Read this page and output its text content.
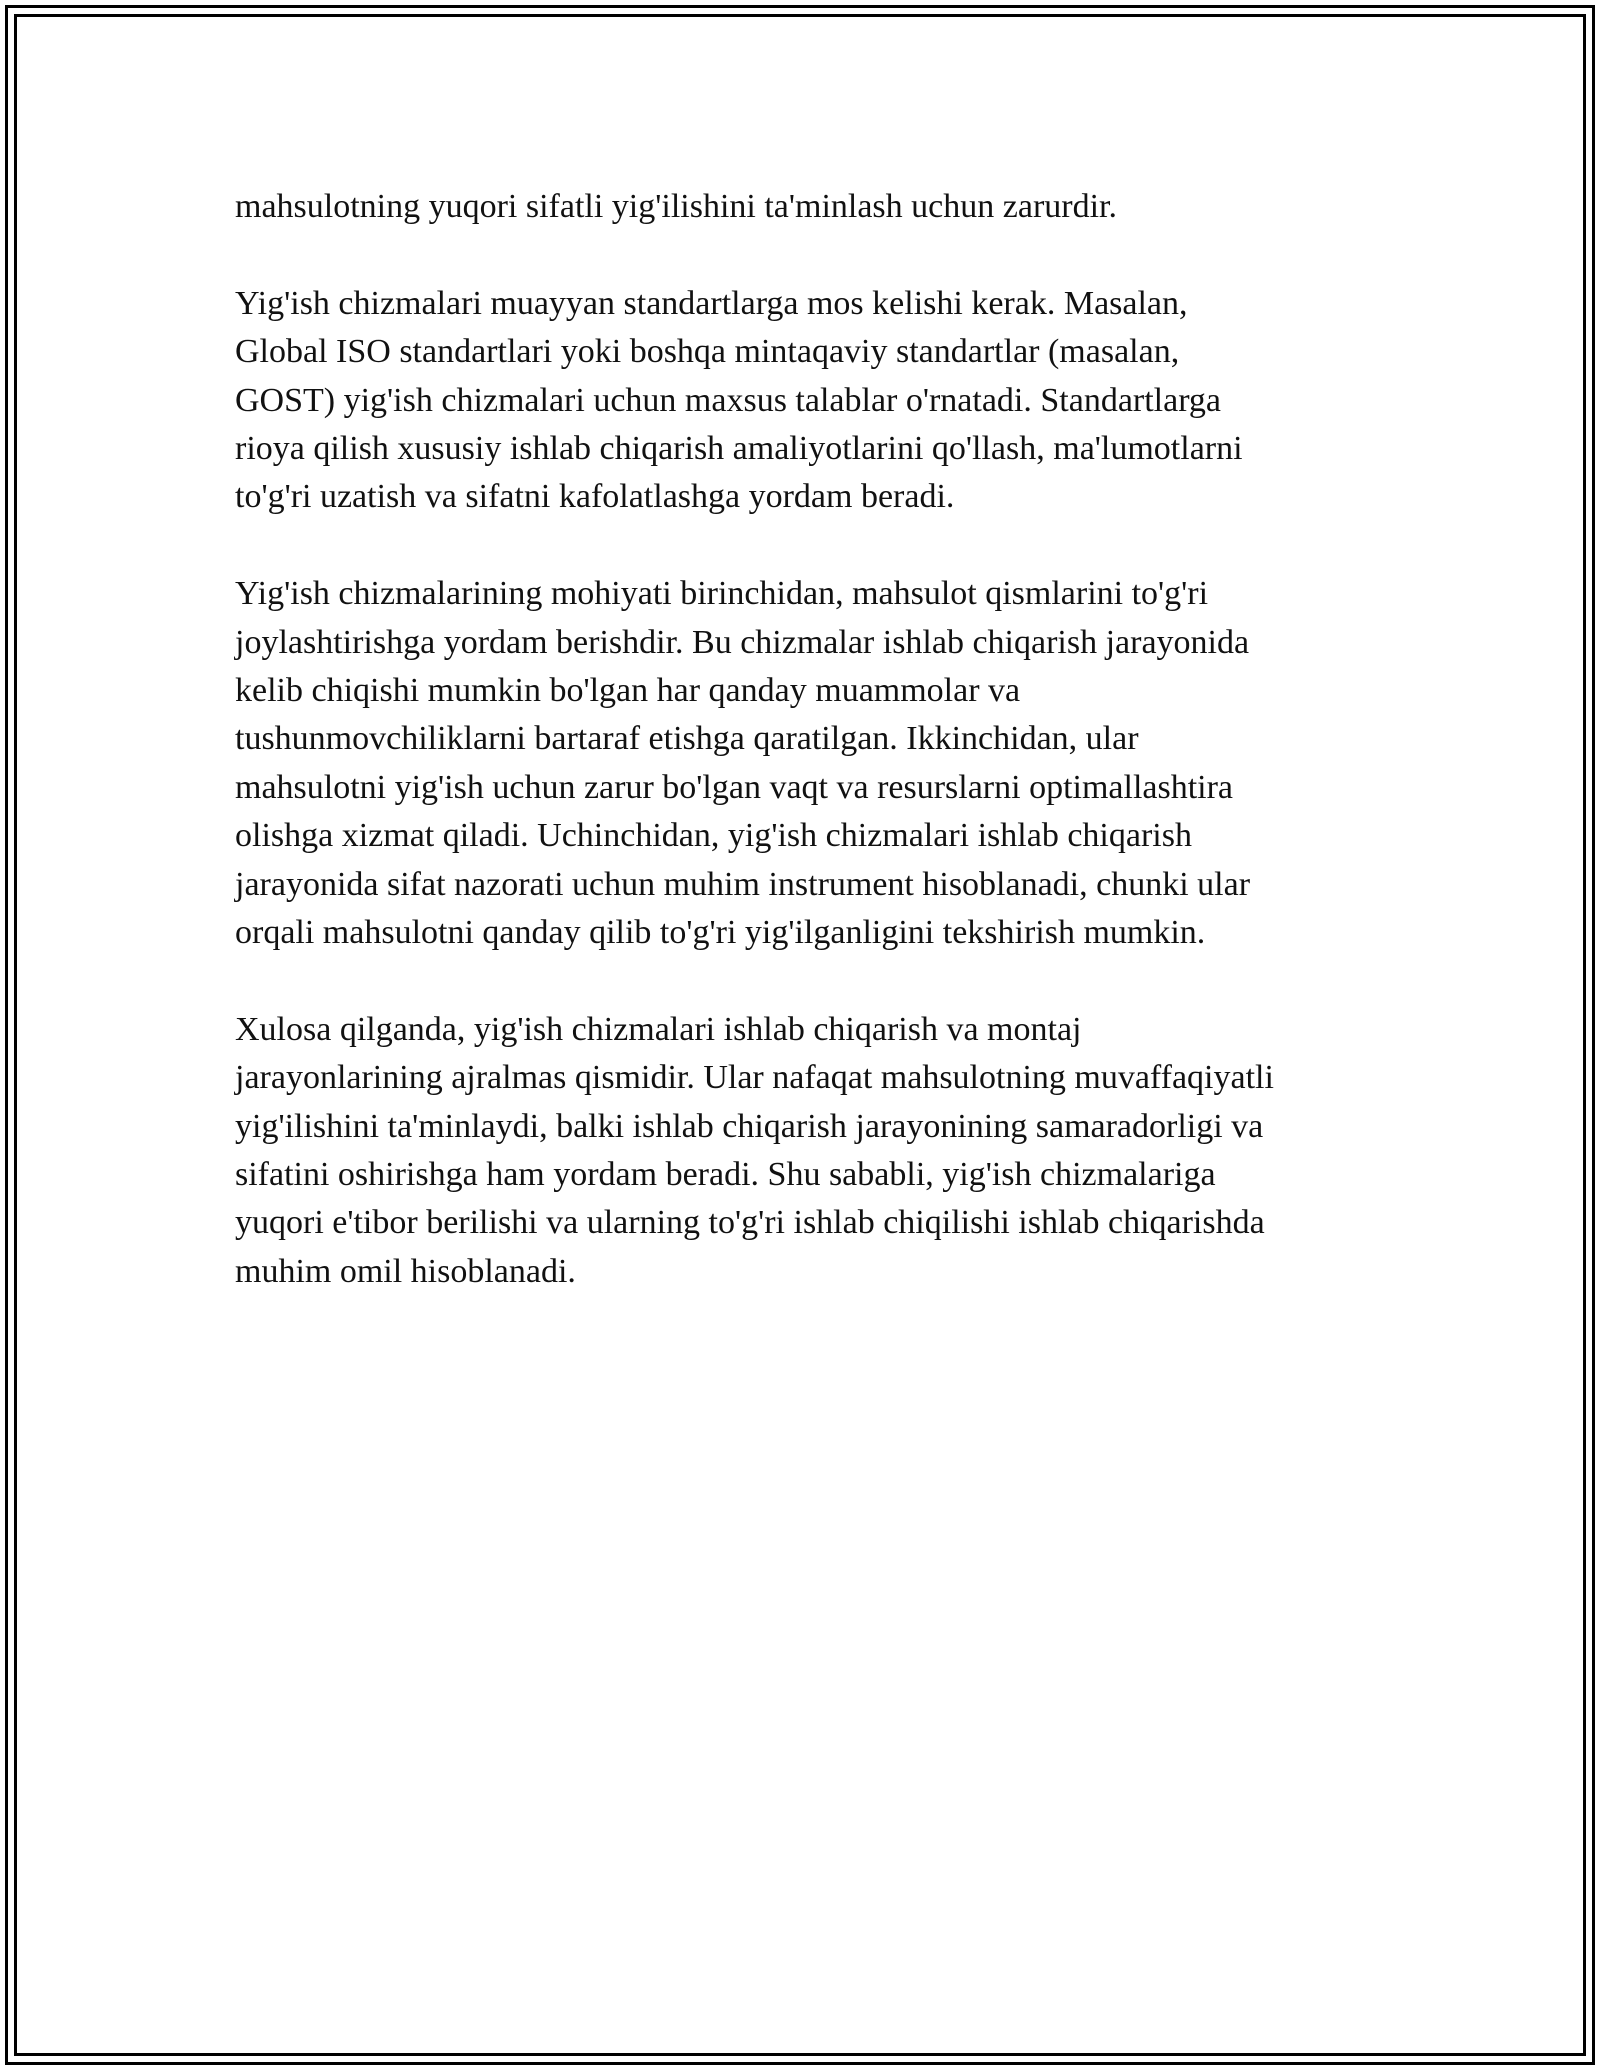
mahsulotning yuqori sifatli yig'ilishini ta'minlash uchun zarurdir.

Yig'ish chizmalari muayyan standartlarga mos kelishi kerak. Masalan,
Global ISO standartlari yoki boshqa mintaqaviy standartlar (masalan,
GOST) yig'ish chizmalari uchun maxsus talablar o'rnatadi. Standartlarga
rioya qilish xususiy ishlab chiqarish amaliyotlarini qo'llash, ma'lumotlarni
to'g'ri uzatish va sifatni kafolatlashga yordam beradi.

Yig'ish chizmalarining mohiyati birinchidan, mahsulot qismlarini to'g'ri
joylashtirishga yordam berishdir. Bu chizmalar ishlab chiqarish jarayonida
kelib chiqishi mumkin bo'lgan har qanday muammolar va
tushunmovchiliklarni bartaraf etishga qaratilgan. Ikkinchidan, ular
mahsulotni yig'ish uchun zarur bo'lgan vaqt va resurslarni optimallashtira
olishga xizmat qiladi. Uchinchidan, yig'ish chizmalari ishlab chiqarish
jarayonida sifat nazorati uchun muhim instrument hisoblanadi, chunki ular
orqali mahsulotni qanday qilib to'g'ri yig'ilganligini tekshirish mumkin.

Xulosa qilganda, yig'ish chizmalari ishlab chiqarish va montaj
jarayonlarining ajralmas qismidir. Ular nafaqat mahsulotning muvaffaqiyatli
yig'ilishini ta'minlaydi, balki ishlab chiqarish jarayonining samaradorligi va
sifatini oshirishga ham yordam beradi. Shu sababli, yig'ish chizmalariga
yuqori e'tibor berilishi va ularning to'g'ri ishlab chiqilishi ishlab chiqarishda
muhim omil hisoblanadi.
